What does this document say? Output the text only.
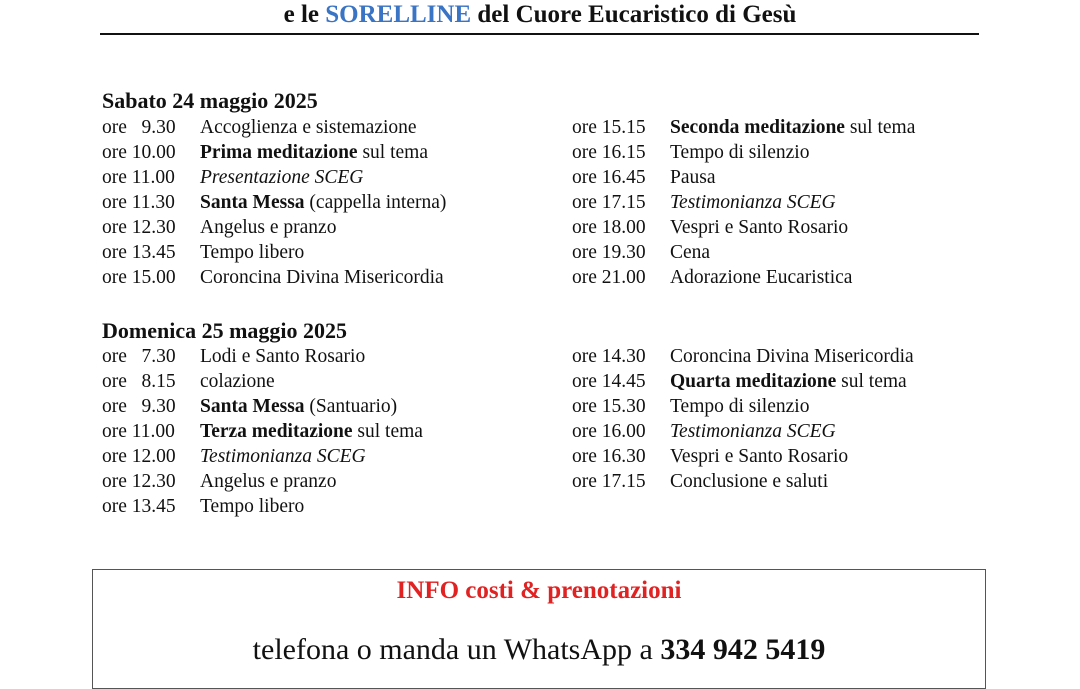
e le SORELLINE del Cuore Eucaristico di Gesù
Sabato 24 maggio 2025
ore   9.30	Accoglienza e sistemazione
ore 10.00	Prima meditazione sul tema
ore 11.00	Presentazione SCEG
ore 11.30	Santa Messa (cappella interna)
ore 12.30	Angelus e pranzo
ore 13.45	Tempo libero
ore 15.00	Coroncina Divina Misericordia
ore 15.15	Seconda meditazione sul tema
ore 16.15	Tempo di silenzio
ore 16.45	Pausa
ore 17.15	Testimonianza SCEG
ore 18.00	Vespri e Santo Rosario
ore 19.30	Cena
ore 21.00	Adorazione Eucaristica
Domenica 25 maggio 2025
ore   7.30	Lodi e Santo Rosario
ore   8.15	colazione
ore   9.30	Santa Messa (Santuario)
ore 11.00	Terza meditazione sul tema
ore 12.00	Testimonianza SCEG
ore 12.30	Angelus e pranzo
ore 13.45	Tempo libero
ore 14.30	Coroncina Divina Misericordia
ore 14.45	Quarta meditazione sul tema
ore 15.30	Tempo di silenzio
ore 16.00	Testimonianza SCEG
ore 16.30	Vespri e Santo Rosario
ore 17.15	Conclusione e saluti
INFO costi & prenotazioni
telefona o manda un WhatsApp a 334 942 5419
